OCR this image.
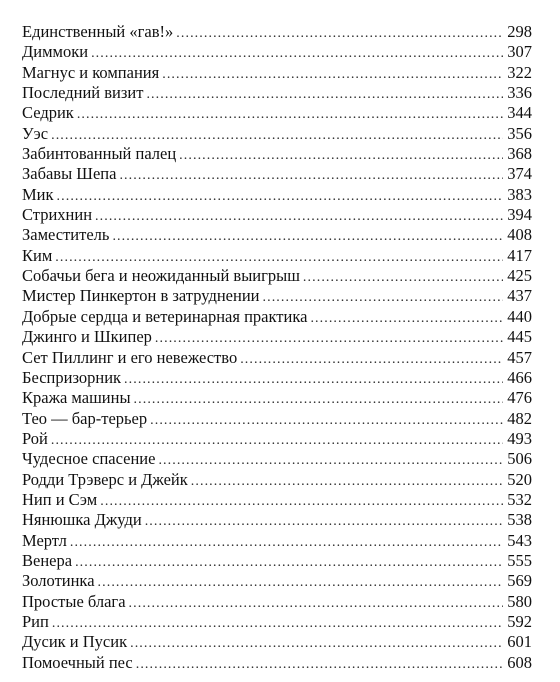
Единственный «гав!» .....	298
Диммоки .....	307
Магнус и компания .....	322
Последний визит .....	336
Седрик .....	344
Уэс .....	356
Забинтованный палец .....	368
Забавы Шепа .....	374
Мик .....	383
Стрихнин .....	394
Заместитель .....	408
Ким .....	417
Собачьи бега и неожиданный выигрыш .....	425
Мистер Пинкертон в затруднении .....	437
Добрые сердца и ветеринарная практика .....	440
Джинго и Шкипер .....	445
Сет Пиллинг и его невежество .....	457
Беспризорник .....	466
Кража машины .....	476
Тео — бар-терьер .....	482
Рой .....	493
Чудесное спасение .....	506
Родди Трэверс и Джейк .....	520
Нип и Сэм .....	532
Нянюшка Джуди .....	538
Мертл .....	543
Венера .....	555
Золотинка .....	569
Простые блага .....	580
Рип .....	592
Дусик и Пусик .....	601
Помоечный пес .....	608
